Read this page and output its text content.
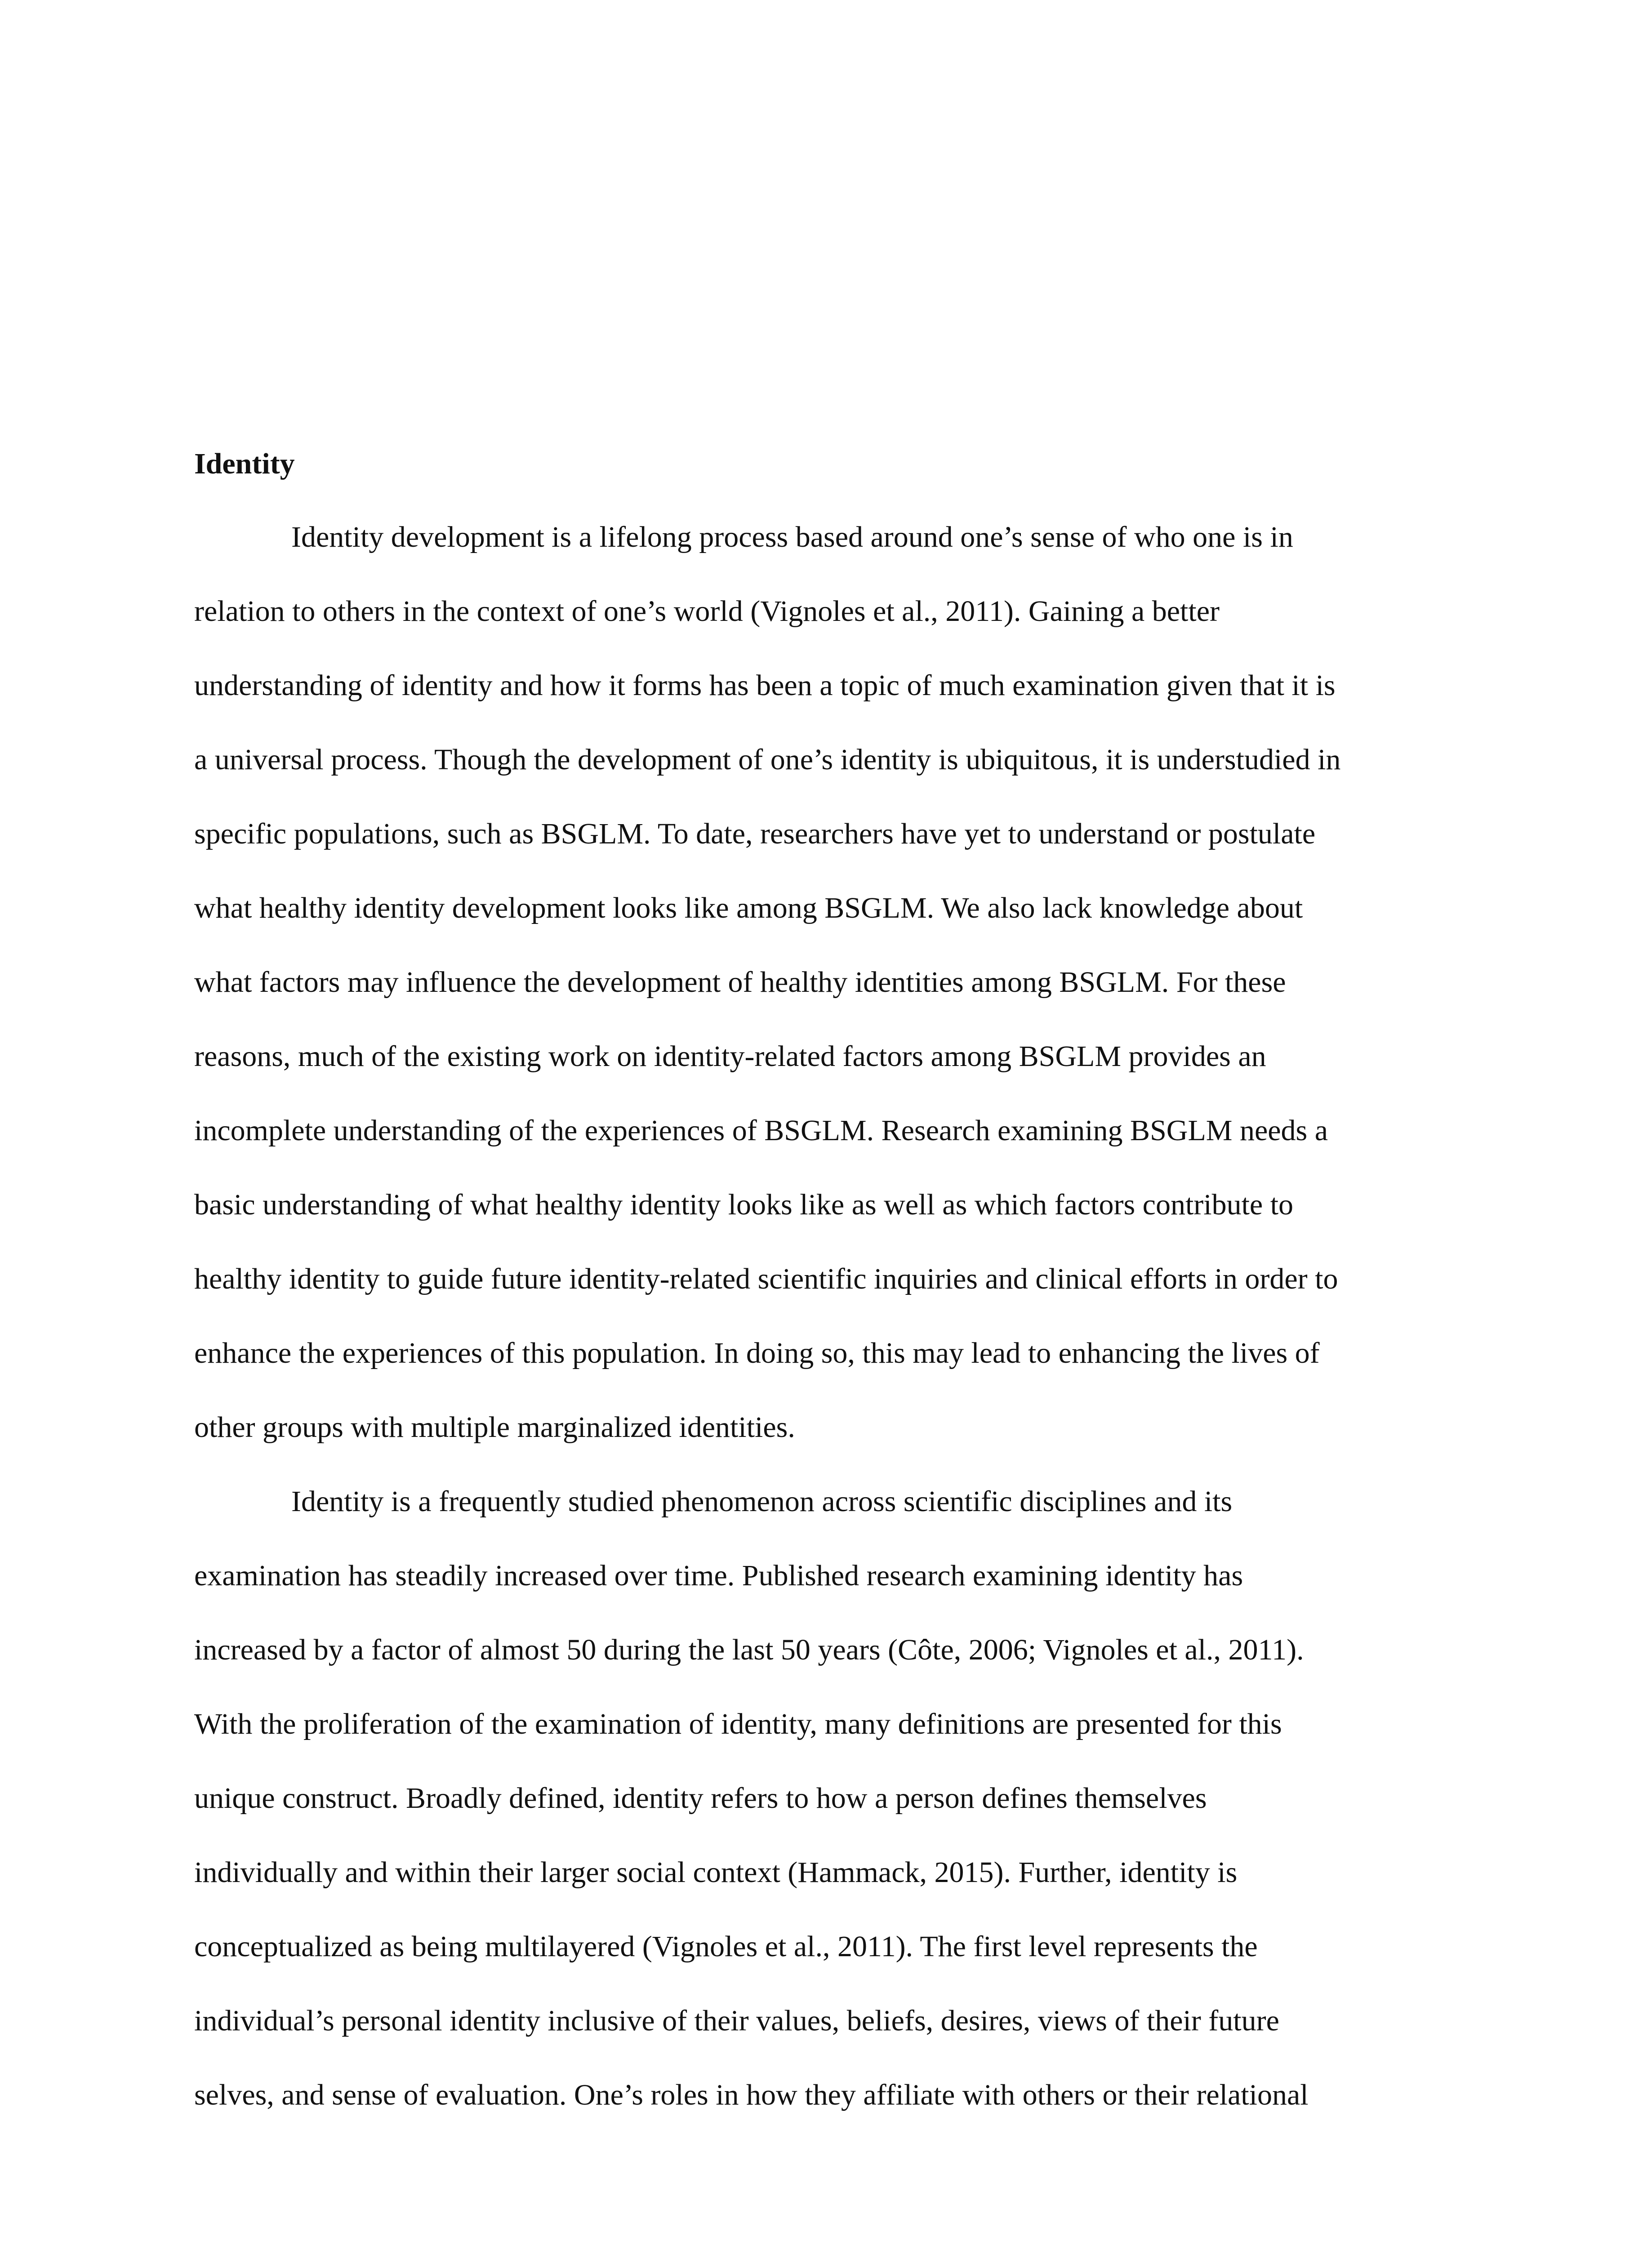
Identity
Identity development is a lifelong process based around one’s sense of who one is in
relation to others in the context of one’s world (Vignoles et al., 2011). Gaining a better
understanding of identity and how it forms has been a topic of much examination given that it is
a universal process. Though the development of one’s identity is ubiquitous, it is understudied in
specific populations, such as BSGLM. To date, researchers have yet to understand or postulate
what healthy identity development looks like among BSGLM. We also lack knowledge about
what factors may influence the development of healthy identities among BSGLM. For these
reasons, much of the existing work on identity-related factors among BSGLM provides an
incomplete understanding of the experiences of BSGLM. Research examining BSGLM needs a
basic understanding of what healthy identity looks like as well as which factors contribute to
healthy identity to guide future identity-related scientific inquiries and clinical efforts in order to
enhance the experiences of this population. In doing so, this may lead to enhancing the lives of
other groups with multiple marginalized identities.
Identity is a frequently studied phenomenon across scientific disciplines and its
examination has steadily increased over time. Published research examining identity has
increased by a factor of almost 50 during the last 50 years (Côte, 2006; Vignoles et al., 2011).
With the proliferation of the examination of identity, many definitions are presented for this
unique construct. Broadly defined, identity refers to how a person defines themselves
individually and within their larger social context (Hammack, 2015). Further, identity is
conceptualized as being multilayered (Vignoles et al., 2011). The first level represents the
individual’s personal identity inclusive of their values, beliefs, desires, views of their future
selves, and sense of evaluation. One’s roles in how they affiliate with others or their relational
